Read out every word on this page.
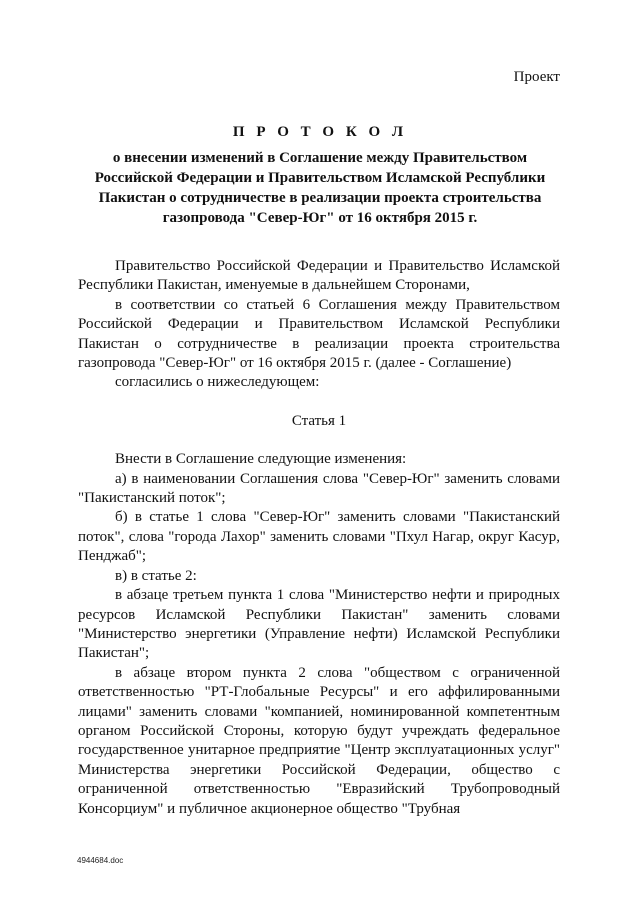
Проект
П Р О Т О К О Л
о внесении изменений в Соглашение между Правительством
Российской Федерации и Правительством Исламской Республики
Пакистан о сотрудничестве в реализации проекта строительства
газопровода "Север-Юг" от 16 октября 2015 г.

Правительство Российской Федерации и Правительство Исламской Республики Пакистан, именуемые в дальнейшем Сторонами,

в соответствии со статьей 6 Соглашения между Правительством Российской Федерации и Правительством Исламской Республики Пакистан о сотрудничестве в реализации проекта строительства газопровода "Север-Юг" от 16 октября 2015 г. (далее - Соглашение)

согласились о нижеследующем:

Статья 1

Внести в Соглашение следующие изменения:

а) в наименовании Соглашения слова "Север-Юг" заменить словами "Пакистанский поток";

б) в статье 1 слова "Север-Юг" заменить словами "Пакистанский поток", слова "города Лахор" заменить словами "Пхул Нагар, округ Касур, Пенджаб";

в) в статье 2:

в абзаце третьем пункта 1 слова "Министерство нефти и природных ресурсов Исламской Республики Пакистан" заменить словами "Министерство энергетики (Управление нефти) Исламской Республики Пакистан";

в абзаце втором пункта 2 слова "обществом с ограниченной ответственностью "РТ-Глобальные Ресурсы" и его аффилированными лицами" заменить словами "компанией, номинированной компетентным органом Российской Стороны, которую будут учреждать федеральное государственное унитарное предприятие "Центр эксплуатационных услуг" Министерства энергетики Российской Федерации, общество с ограниченной ответственностью "Евразийский Трубопроводный Консорциум" и публичное акционерное общество "Трубная

4944684.doc
